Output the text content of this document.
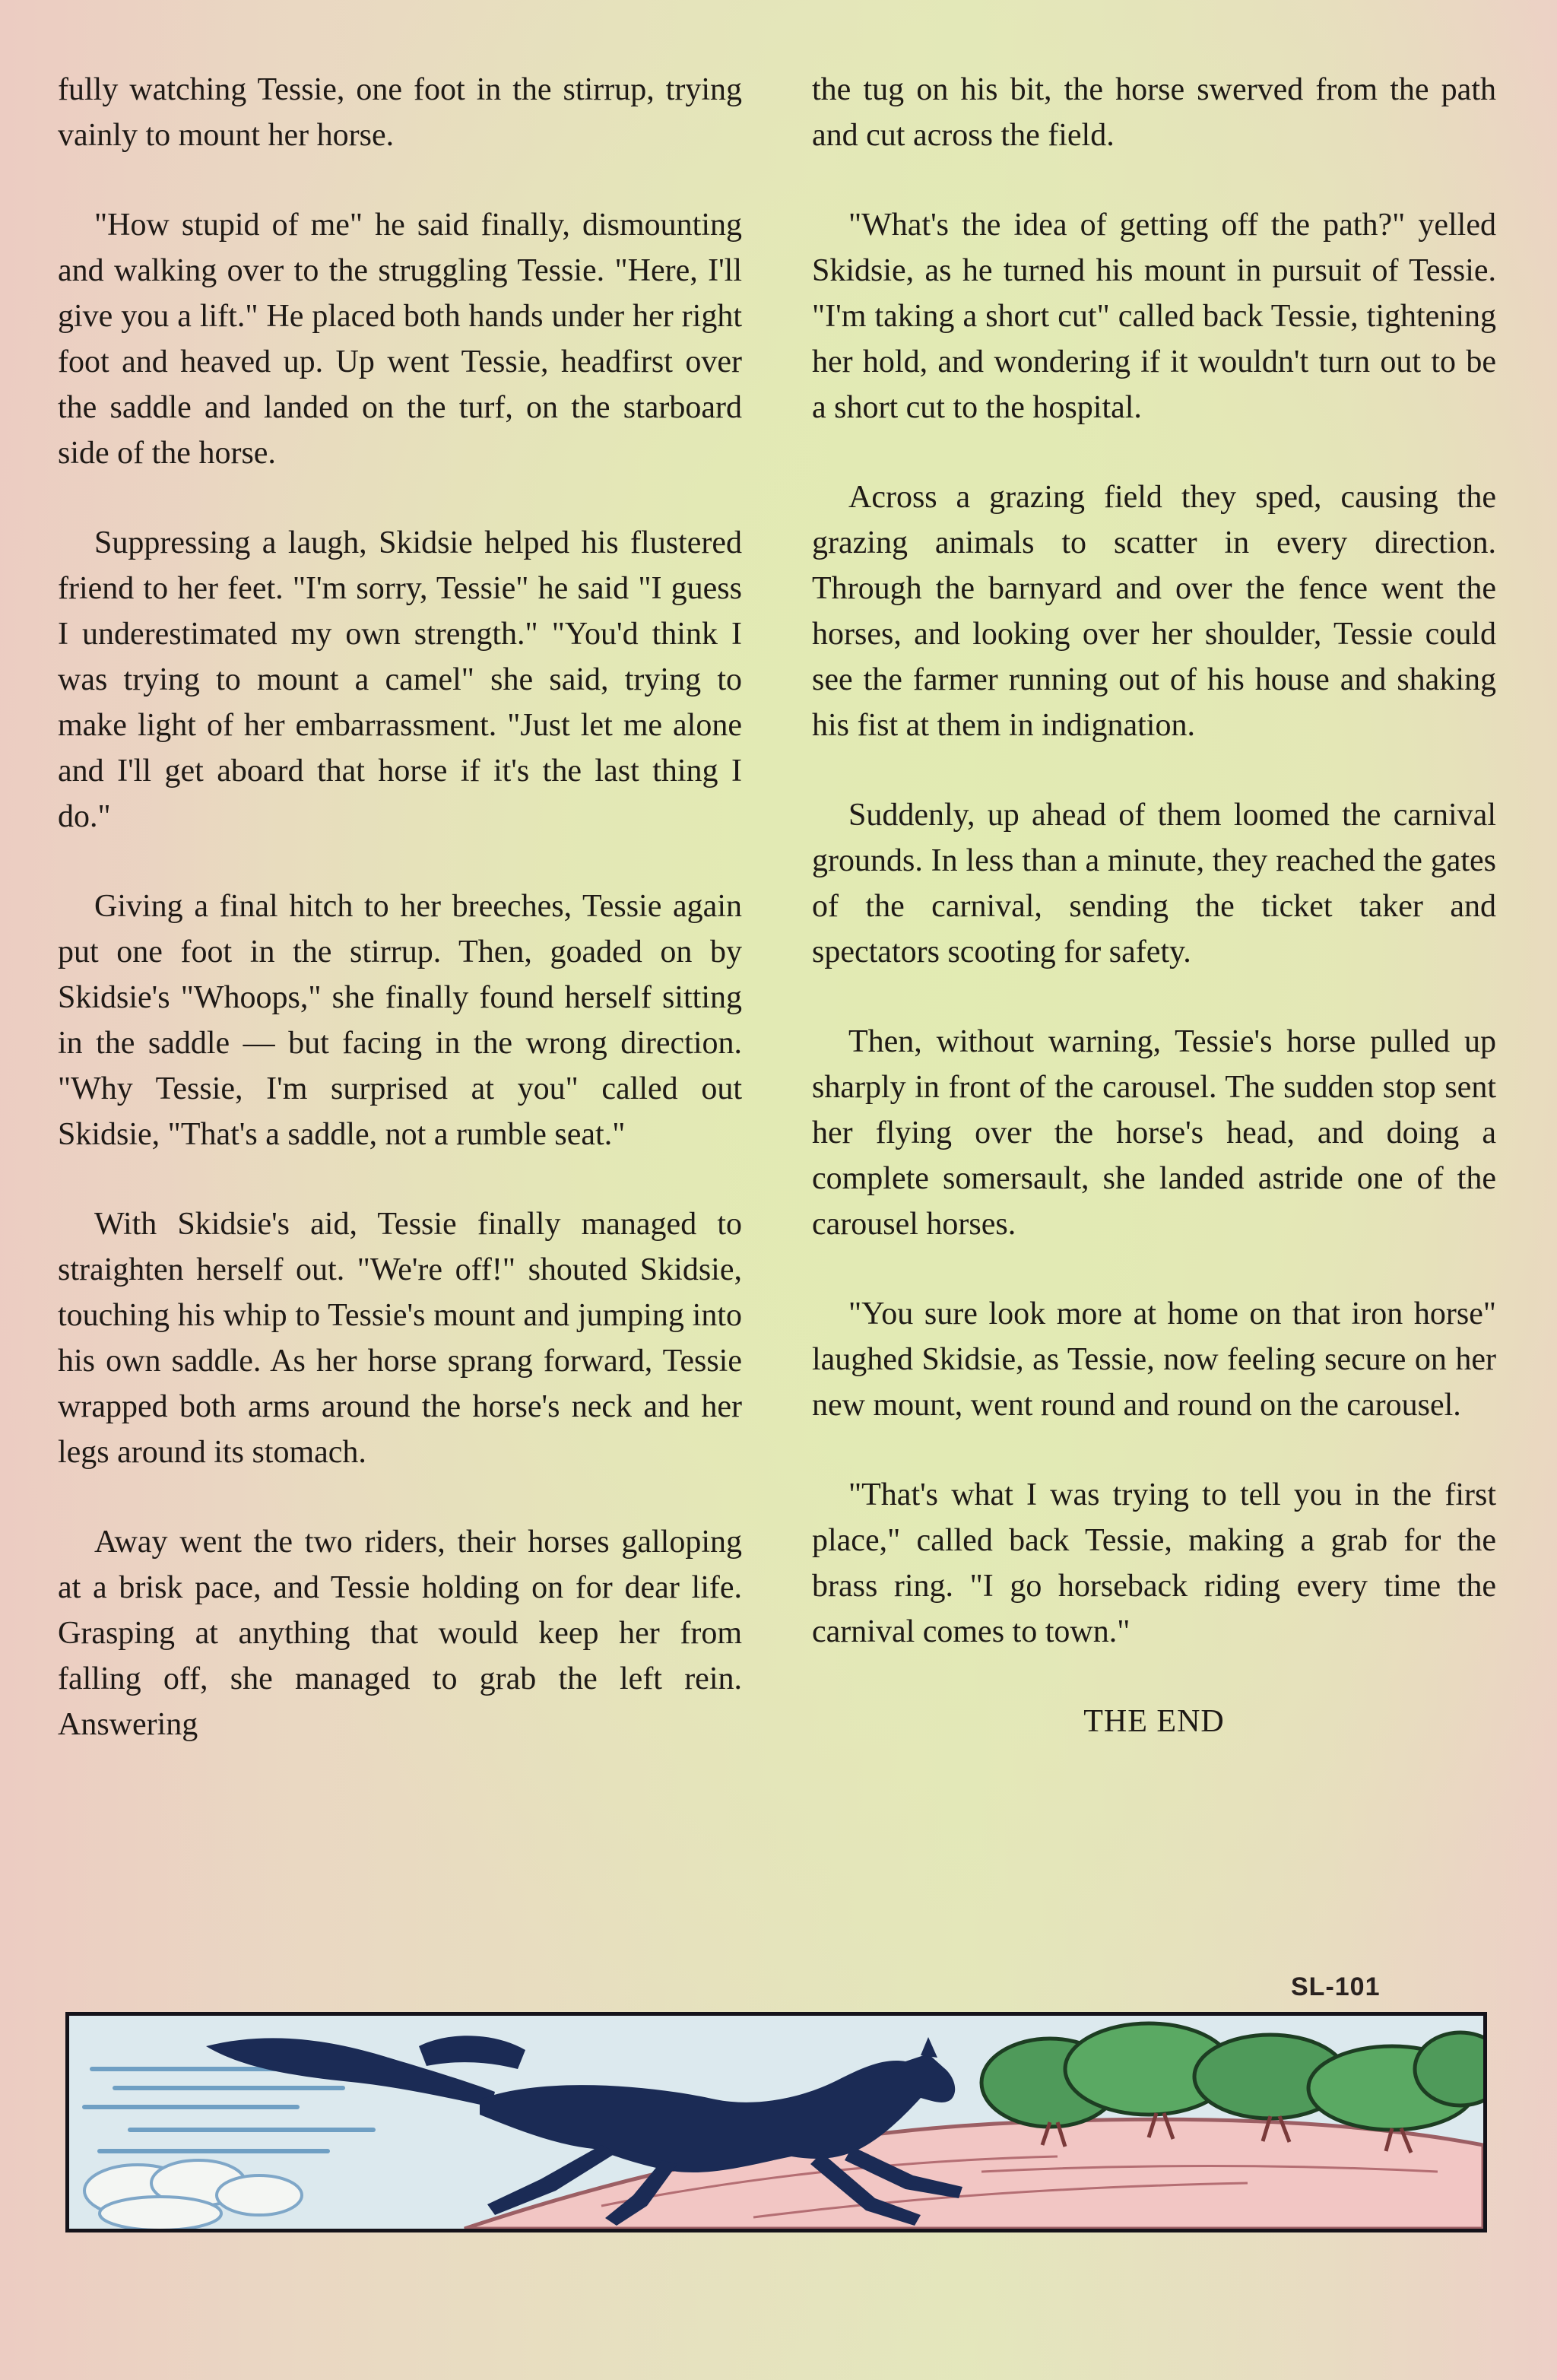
fully watching Tessie, one foot in the stirrup, trying vainly to mount her horse.

"How stupid of me" he said finally, dismounting and walking over to the struggling Tessie. "Here, I'll give you a lift." He placed both hands under her right foot and heaved up. Up went Tessie, headfirst over the saddle and landed on the turf, on the starboard side of the horse.

Suppressing a laugh, Skidsie helped his flustered friend to her feet. "I'm sorry, Tessie" he said "I guess I underestimated my own strength." "You'd think I was trying to mount a camel" she said, trying to make light of her embarrassment. "Just let me alone and I'll get aboard that horse if it's the last thing I do."

Giving a final hitch to her breeches, Tessie again put one foot in the stirrup. Then, goaded on by Skidsie's "Whoops," she finally found herself sitting in the saddle — but facing in the wrong direction. "Why Tessie, I'm surprised at you" called out Skidsie, "That's a saddle, not a rumble seat."

With Skidsie's aid, Tessie finally managed to straighten herself out. "We're off!" shouted Skidsie, touching his whip to Tessie's mount and jumping into his own saddle. As her horse sprang forward, Tessie wrapped both arms around the horse's neck and her legs around its stomach.

Away went the two riders, their horses galloping at a brisk pace, and Tessie holding on for dear life. Grasping at anything that would keep her from falling off, she managed to grab the left rein. Answering

the tug on his bit, the horse swerved from the path and cut across the field.

"What's the idea of getting off the path?" yelled Skidsie, as he turned his mount in pursuit of Tessie. "I'm taking a short cut" called back Tessie, tightening her hold, and wondering if it wouldn't turn out to be a short cut to the hospital.

Across a grazing field they sped, causing the grazing animals to scatter in every direction. Through the barnyard and over the fence went the horses, and looking over her shoulder, Tessie could see the farmer running out of his house and shaking his fist at them in indignation.

Suddenly, up ahead of them loomed the carnival grounds. In less than a minute, they reached the gates of the carnival, sending the ticket taker and spectators scooting for safety.

Then, without warning, Tessie's horse pulled up sharply in front of the carousel. The sudden stop sent her flying over the horse's head, and doing a complete somersault, she landed astride one of the carousel horses.

"You sure look more at home on that iron horse" laughed Skidsie, as Tessie, now feeling secure on her new mount, went round and round on the carousel.

"That's what I was trying to tell you in the first place," called back Tessie, making a grab for the brass ring. "I go horseback riding every time the carnival comes to town."

THE END

SL-101
